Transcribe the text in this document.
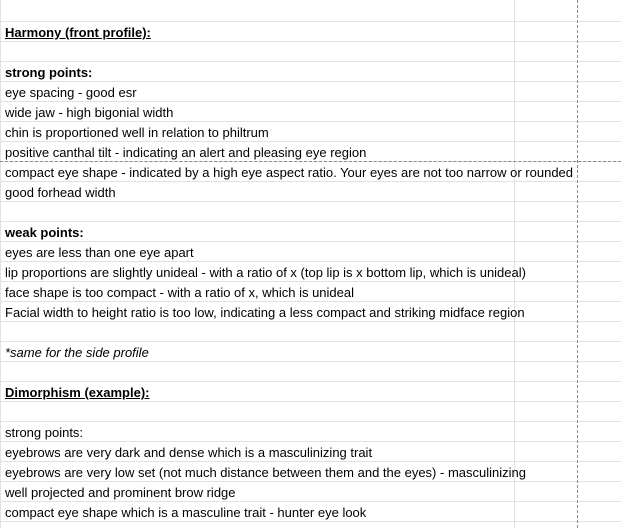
Harmony (front profile):
strong points:
eye spacing - good esr
wide jaw - high bigonial width
chin is proportioned well in relation to philtrum
positive canthal tilt - indicating an alert and pleasing eye region
compact eye shape - indicated by a high eye aspect ratio. Your eyes are not too narrow or rounded
good forhead width
weak points:
eyes are less than one eye apart
lip proportions are slightly unideal - with a ratio of x (top lip is x bottom lip, which is unideal)
face shape is too compact - with a ratio of x, which is unideal
Facial width to height ratio is too low, indicating a less compact and striking midface region
*same for the side profile
Dimorphism (example):
strong points:
eyebrows are very dark and dense which is a masculinizing trait
eyebrows are very low set (not much distance between them and the eyes) - masculinizing
well projected and prominent brow ridge
compact eye shape which is a masculine trait - hunter eye look
